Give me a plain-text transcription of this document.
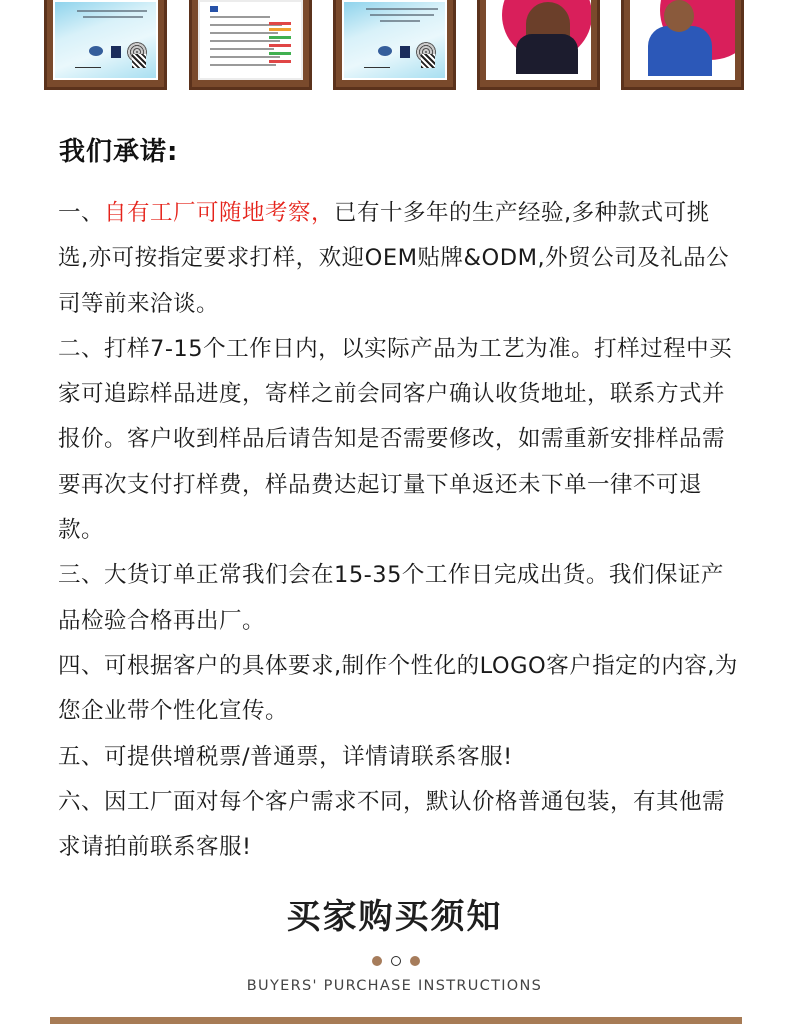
我们承诺:

一、自有工厂可随地考察，已有十多年的生产经验,多种款式可挑选,亦可按指定要求打样，欢迎OEM贴牌&ODM,外贸公司及礼品公司等前来洽谈。

二、打样7-15个工作日内，以实际产品为工艺为准。打样过程中买家可追踪样品进度，寄样之前会同客户确认收货地址，联系方式并报价。客户收到样品后请告知是否需要修改，如需重新安排样品需要再次支付打样费，样品费达起订量下单返还未下单一律不可退款。

三、大货订单正常我们会在15-35个工作日完成出货。我们保证产品检验合格再出厂。

四、可根据客户的具体要求,制作个性化的LOGO客户指定的内容,为您企业带个性化宣传。

五、可提供增税票/普通票，详情请联系客服!

六、因工厂面对每个客户需求不同，默认价格普通包装，有其他需求请拍前联系客服!

买家购买须知

BUYERS' PURCHASE INSTRUCTIONS
